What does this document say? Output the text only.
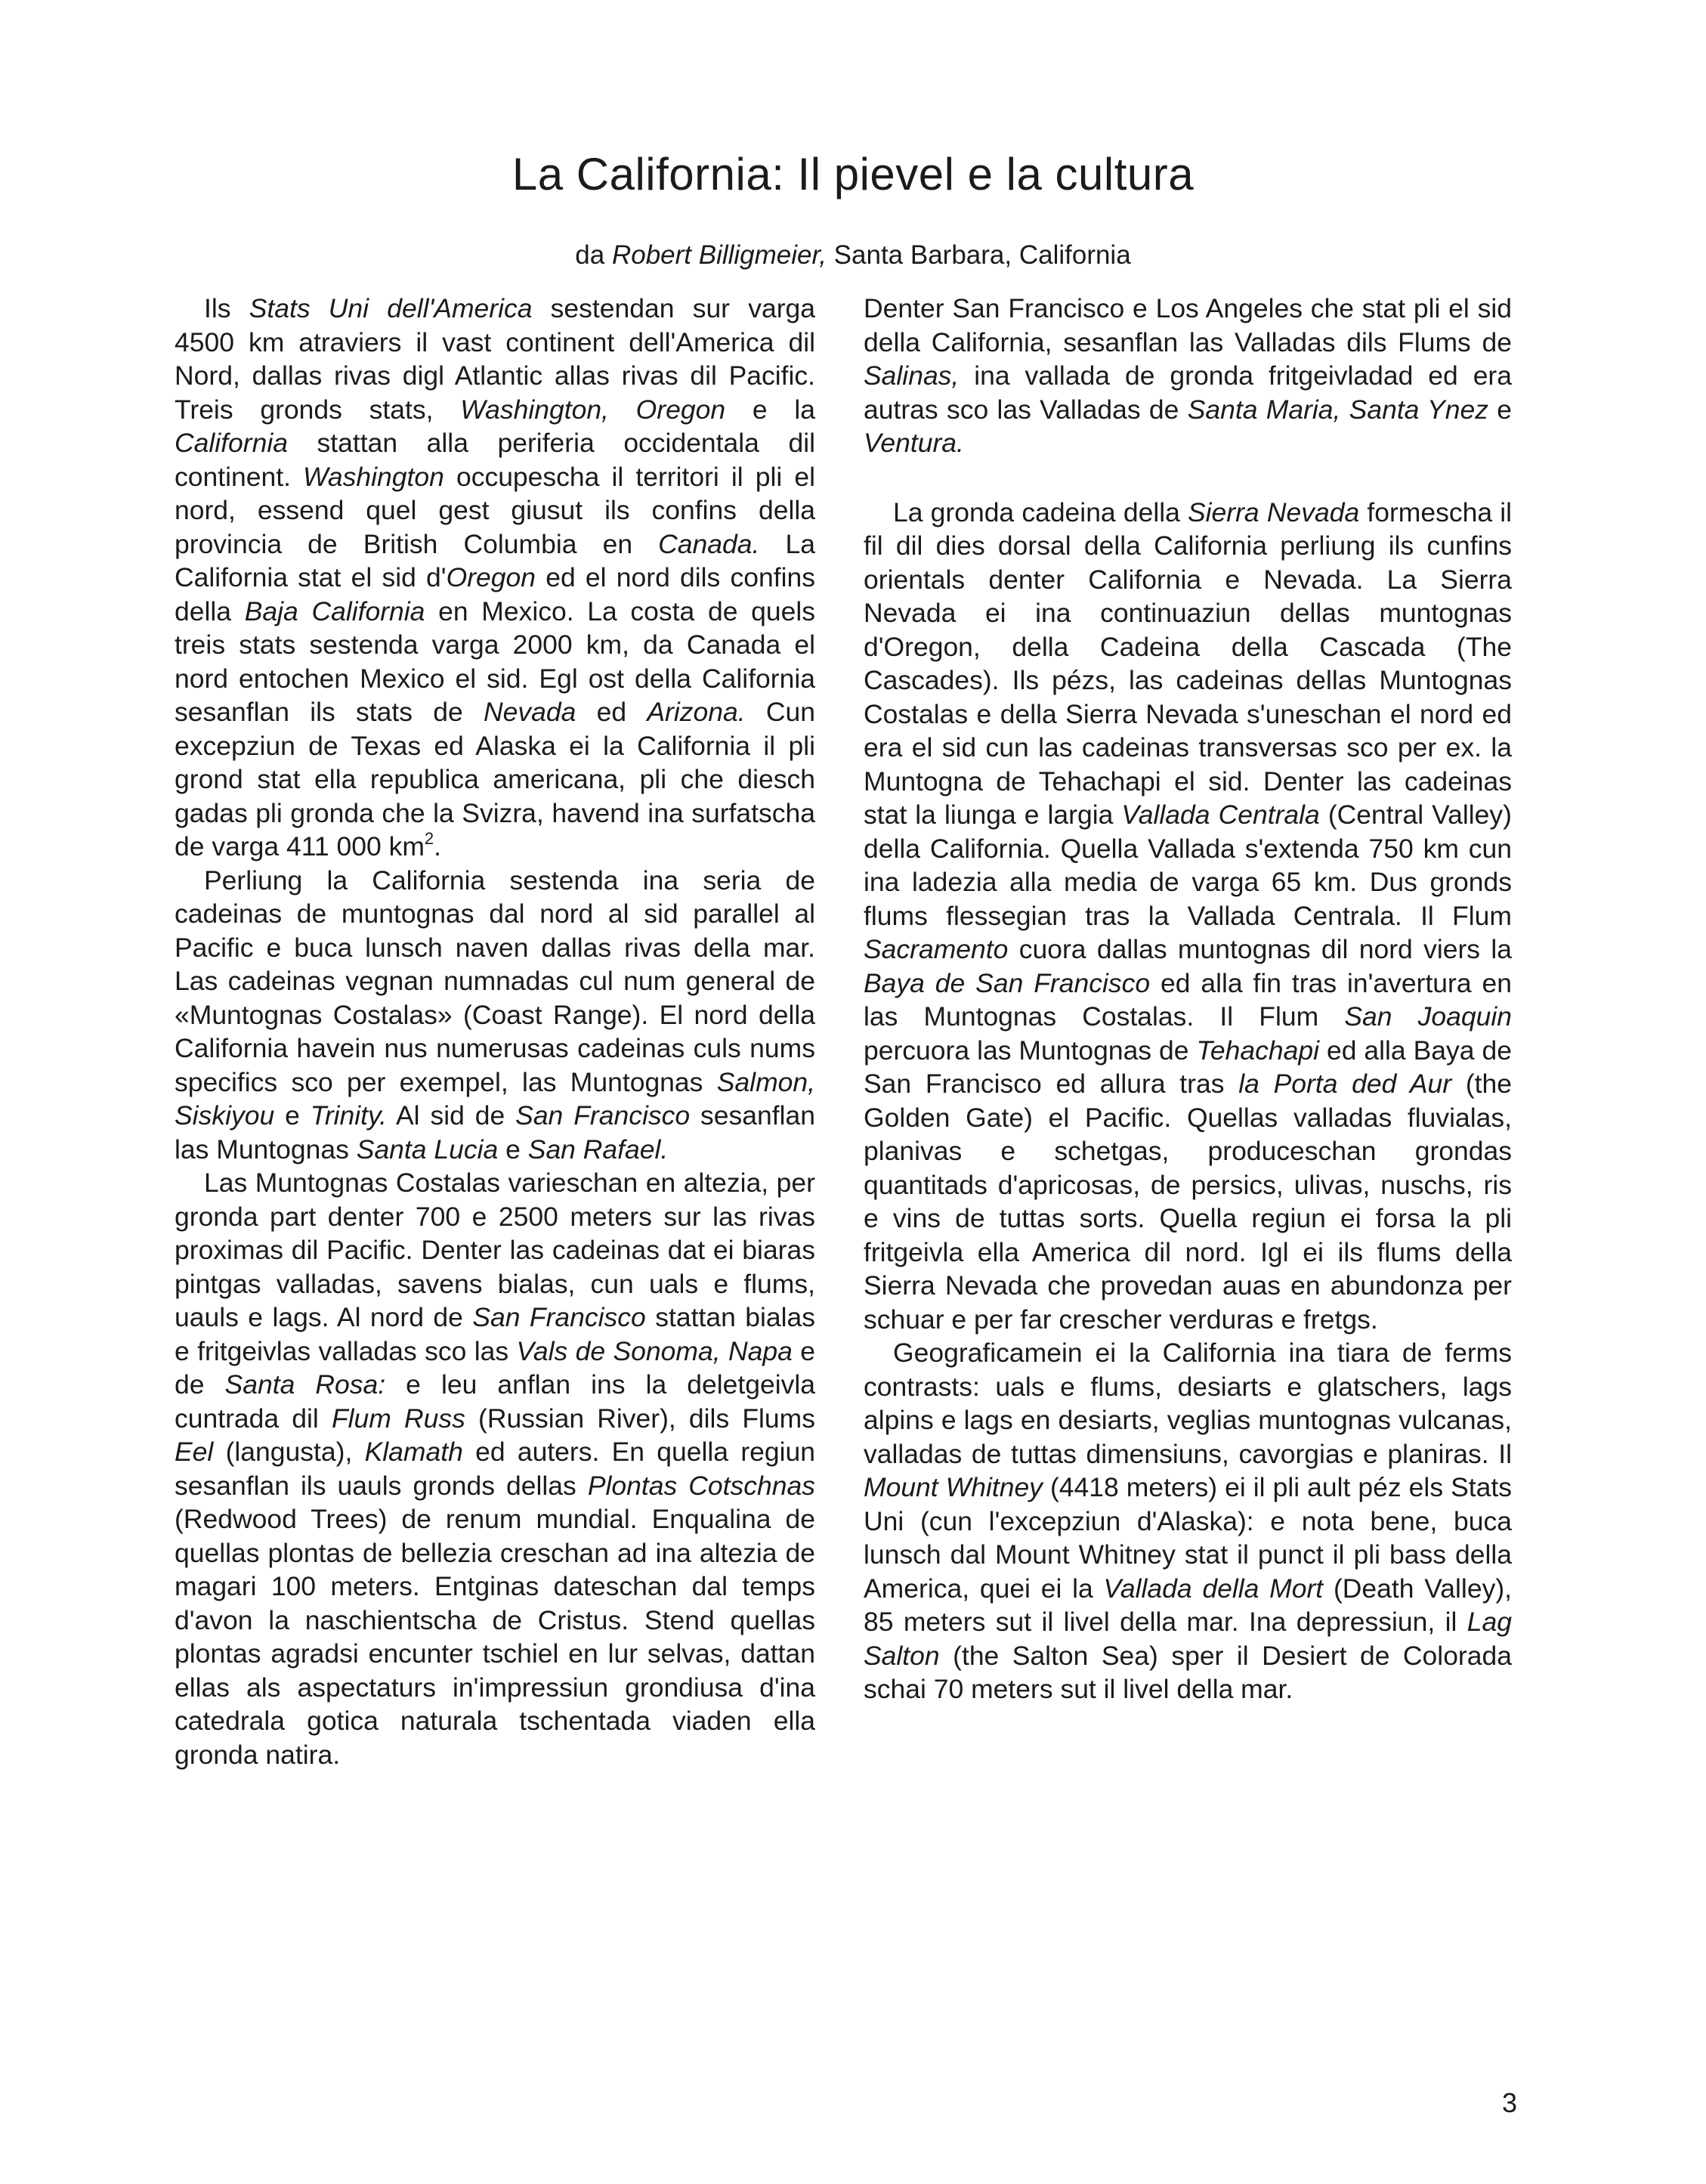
La California: Il pievel e la cultura

da Robert Billigmeier, Santa Barbara, California

Ils Stats Uni dell'America sestendan sur varga 4500 km atraviers il vast continent dell'America dil Nord, dallas rivas digl Atlantic allas rivas dil Pacific. Treis gronds stats, Washington, Oregon e la California stattan alla periferia occidentala dil continent. Washington occupescha il territori il pli el nord, essend quel gest giusut ils confins della provincia de British Columbia en Canada. La California stat el sid d'Oregon ed el nord dils confins della Baja California en Mexico. La costa de quels treis stats sestenda varga 2000 km, da Canada el nord entochen Mexico el sid. Egl ost della California sesanflan ils stats de Nevada ed Arizona. Cun excepziun de Texas ed Alaska ei la California il pli grond stat ella republica americana, pli che diesch gadas pli gronda che la Svizra, havend ina surfatscha de varga 411 000 $km^2$.

Perliung la California sestenda ina seria de cadeinas de muntognas dal nord al sid parallel al Pacific e buca lunsch naven dallas rivas della mar. Las cadeinas vegnan numnadas cul num general de «Muntognas Costalas» (Coast Range). El nord della California havein nus numerusas cadeinas culs nums specifics sco per exempel, las Muntognas Salmon, Siskiyou e Trinity. Al sid de San Francisco sesanflan las Muntognas Santa Lucia e San Rafael.

Las Muntognas Costalas varieschan en altezia, per gronda part denter 700 e 2500 meters sur las rivas proximas dil Pacific. Denter las cadeinas dat ei biaras pintgas valladas, savens bialas, cun uals e flums, uauls e lags. Al nord de San Francisco stattan bialas e fritgeivlas valladas sco las Vals de Sonoma, Napa e de Santa Rosa: e leu anflan ins la deletgeivla cuntrada dil Flum Russ (Russian River), dils Flums Eel (langusta), Klamath ed auters. En quella regiun sesanflan ils uauls gronds dellas Plontas Cotschnas (Redwood Trees) de renum mundial. Enqualina de quellas plontas de bellezia creschan ad ina altezia de magari 100 meters. Entginas dateschan dal temps d'avon la naschientscha de Cristus. Stend quellas plontas agradsi encunter tschiel en lur selvas, dattan ellas als aspectaturs in'impressiun grondiusa d'ina catedrala gotica naturala tschentada viaden ella gronda natira.

Denter San Francisco e Los Angeles che stat pli el sid della California, sesanflan las Valladas dils Flums de Salinas, ina vallada de gronda fritgeivladad ed era autras sco las Valladas de Santa Maria, Santa Ynez e Ventura.

La gronda cadeina della Sierra Nevada formescha il fil dil dies dorsal della California perliung ils cunfins orientals denter California e Nevada. La Sierra Nevada ei ina continuaziun dellas muntognas d'Oregon, della Cadeina della Cascada (The Cascades). Ils pézs, las cadeinas dellas Muntognas Costalas e della Sierra Nevada s'uneschan el nord ed era el sid cun las cadeinas transversas sco per ex. la Muntogna de Tehachapi el sid. Denter las cadeinas stat la liunga e largia Vallada Centrala (Central Valley) della California. Quella Vallada s'extenda 750 km cun ina ladezia alla media de varga 65 km. Dus gronds flums flessegian tras la Vallada Centrala. Il Flum Sacramento cuora dallas muntognas dil nord viers la Baya de San Francisco ed alla fin tras in'avertura en las Muntognas Costalas. Il Flum San Joaquin percuora las Muntognas de Tehachapi ed alla Baya de San Francisco ed allura tras la Porta ded Aur (the Golden Gate) el Pacific. Quellas valladas fluvialas, planivas e schetgas, produceschan grondas quantitads d'apricosas, de persics, ulivas, nuschs, ris e vins de tuttas sorts. Quella regiun ei forsa la pli fritgeivla ella America dil nord. Igl ei ils flums della Sierra Nevada che provedan auas en abundonza per schuar e per far crescher verduras e fretgs.

Geograficamein ei la California ina tiara de ferms contrasts: uals e flums, desiarts e glatschers, lags alpins e lags en desiarts, veglias muntognas vulcanas, valladas de tuttas dimensiuns, cavorgias e planiras. Il Mount Whitney (4418 meters) ei il pli ault péz els Stats Uni (cun l'excepziun d'Alaska): e nota bene, buca lunsch dal Mount Whitney stat il punct il pli bass della America, quei ei la Vallada della Mort (Death Valley), 85 meters sut il livel della mar. Ina depressiun, il Lag Salton (the Salton Sea) sper il Desiert de Colorada schai 70 meters sut il livel della mar.

3
